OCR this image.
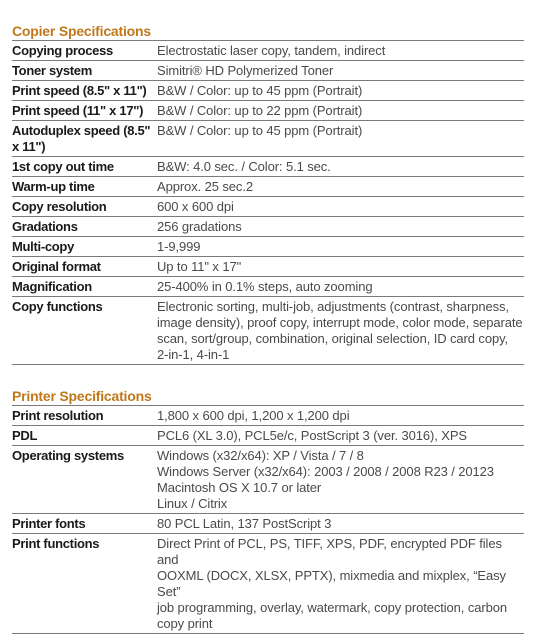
Copier Specifications
Copying process	Electrostatic laser copy, tandem, indirect

Toner system	Simitri® HD Polymerized Toner

Print speed (8.5" x 11")	B&W / Color: up to 45 ppm (Portrait)

Print speed (11" x 17")	B&W / Color: up to 22 ppm (Portrait)

Autoduplex speed (8.5" x 11")	B&W / Color: up to 45 ppm (Portrait)

1st copy out time	B&W: 4.0 sec. / Color: 5.1 sec.

Warm-up time	Approx. 25 sec.2

Copy resolution	600 x 600 dpi

Gradations	256 gradations

Multi-copy	1-9,999

Original format	Up to 11" x 17"

Magnification	25-400% in 0.1% steps, auto zooming

Copy functions	Electronic sorting, multi-job, adjustments (contrast, sharpness,
image density), proof copy, interrupt mode, color mode, separate
scan, sort/group, combination, original selection, ID card copy,
2-in-1, 4-in-1
Printer Specifications
Print resolution	1,800 x 600 dpi, 1,200 x 1,200 dpi

PDL	PCL6 (XL 3.0), PCL5e/c, PostScript 3 (ver. 3016), XPS

Operating systems	Windows (x32/x64): XP / Vista / 7 / 8
Windows Server (x32/x64): 2003 / 2008 / 2008 R23 / 20123
Macintosh OS X 10.7 or later
Linux / Citrix

Printer fonts	80 PCL Latin, 137 PostScript 3

Print functions	Direct Print of PCL, PS, TIFF, XPS, PDF, encrypted PDF files and
OOXML (DOCX, XLSX, PPTX), mixmedia and mixplex, “Easy Set”
job programming, overlay, watermark, copy protection, carbon
copy print
